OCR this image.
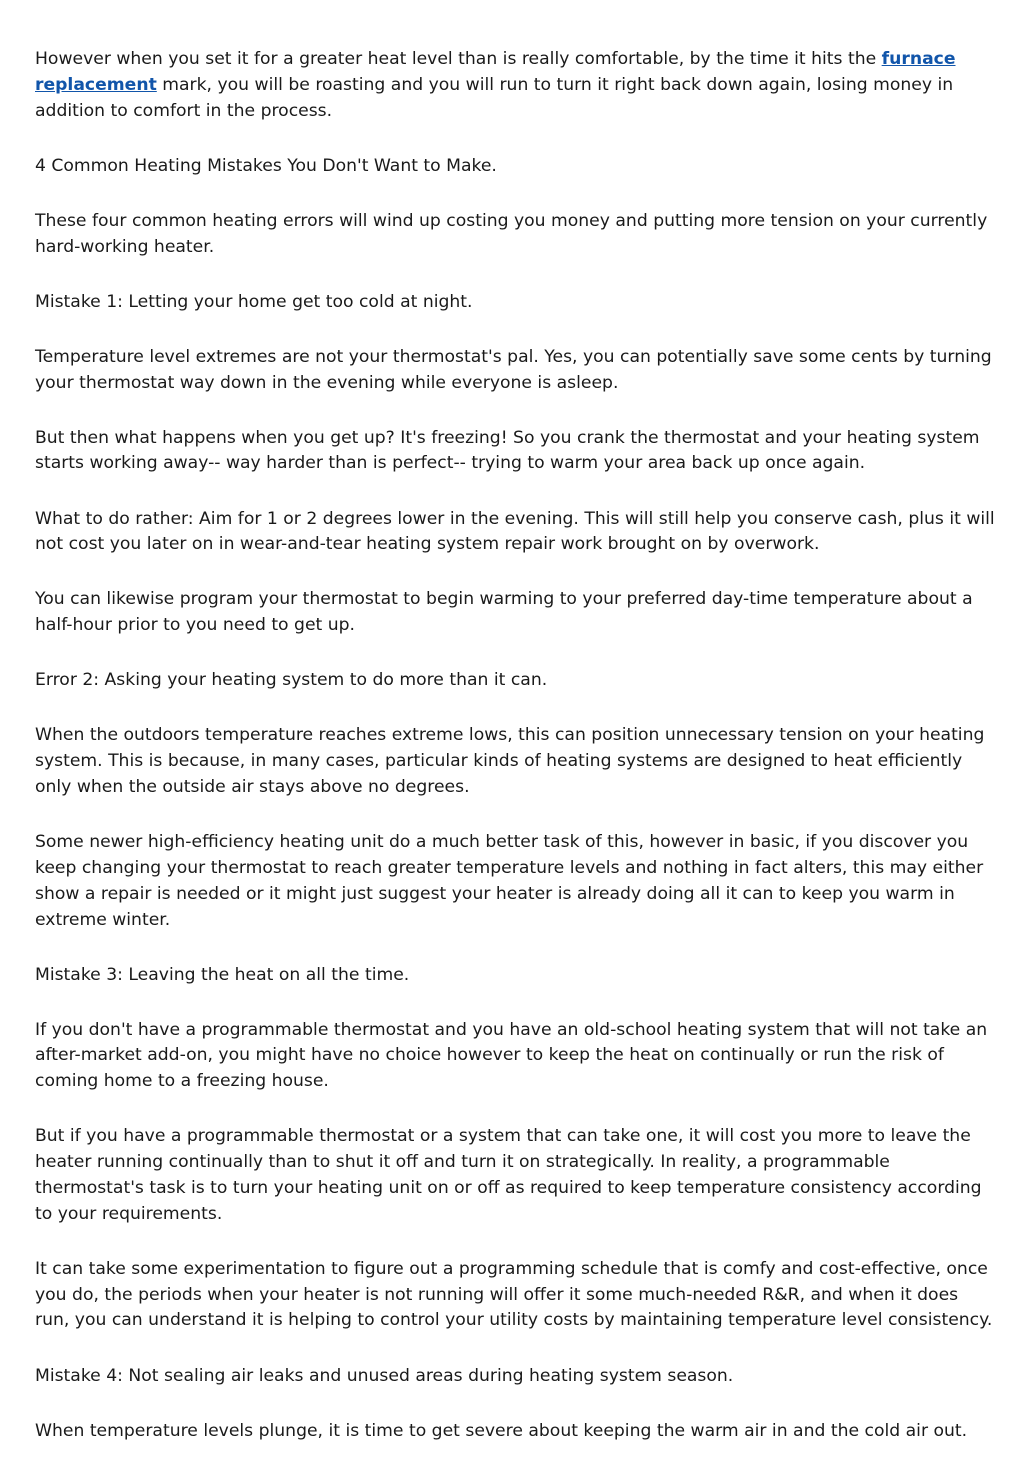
However when you set it for a greater heat level than is really comfortable, by the time it hits the furnace replacement mark, you will be roasting and you will run to turn it right back down again, losing money in addition to comfort in the process.

4 Common Heating Mistakes You Don't Want to Make.

These four common heating errors will wind up costing you money and putting more tension on your currently hard-working heater.

Mistake 1: Letting your home get too cold at night.

Temperature level extremes are not your thermostat's pal. Yes, you can potentially save some cents by turning your thermostat way down in the evening while everyone is asleep.

But then what happens when you get up? It's freezing! So you crank the thermostat and your heating system starts working away-- way harder than is perfect-- trying to warm your area back up once again.

What to do rather: Aim for 1 or 2 degrees lower in the evening. This will still help you conserve cash, plus it will not cost you later on in wear-and-tear heating system repair work brought on by overwork.

You can likewise program your thermostat to begin warming to your preferred day-time temperature about a half-hour prior to you need to get up.

Error 2: Asking your heating system to do more than it can.

When the outdoors temperature reaches extreme lows, this can position unnecessary tension on your heating system. This is because, in many cases, particular kinds of heating systems are designed to heat efficiently only when the outside air stays above no degrees.

Some newer high-efficiency heating unit do a much better task of this, however in basic, if you discover you keep changing your thermostat to reach greater temperature levels and nothing in fact alters, this may either show a repair is needed or it might just suggest your heater is already doing all it can to keep you warm in extreme winter.

Mistake 3: Leaving the heat on all the time.

If you don't have a programmable thermostat and you have an old-school heating system that will not take an after-market add-on, you might have no choice however to keep the heat on continually or run the risk of coming home to a freezing house.

But if you have a programmable thermostat or a system that can take one, it will cost you more to leave the heater running continually than to shut it off and turn it on strategically. In reality, a programmable thermostat's task is to turn your heating unit on or off as required to keep temperature consistency according to your requirements.

It can take some experimentation to figure out a programming schedule that is comfy and cost-effective, once you do, the periods when your heater is not running will offer it some much-needed R&R, and when it does run, you can understand it is helping to control your utility costs by maintaining temperature level consistency.

Mistake 4: Not sealing air leaks and unused areas during heating system season.

When temperature levels plunge, it is time to get severe about keeping the warm air in and the cold air out.
